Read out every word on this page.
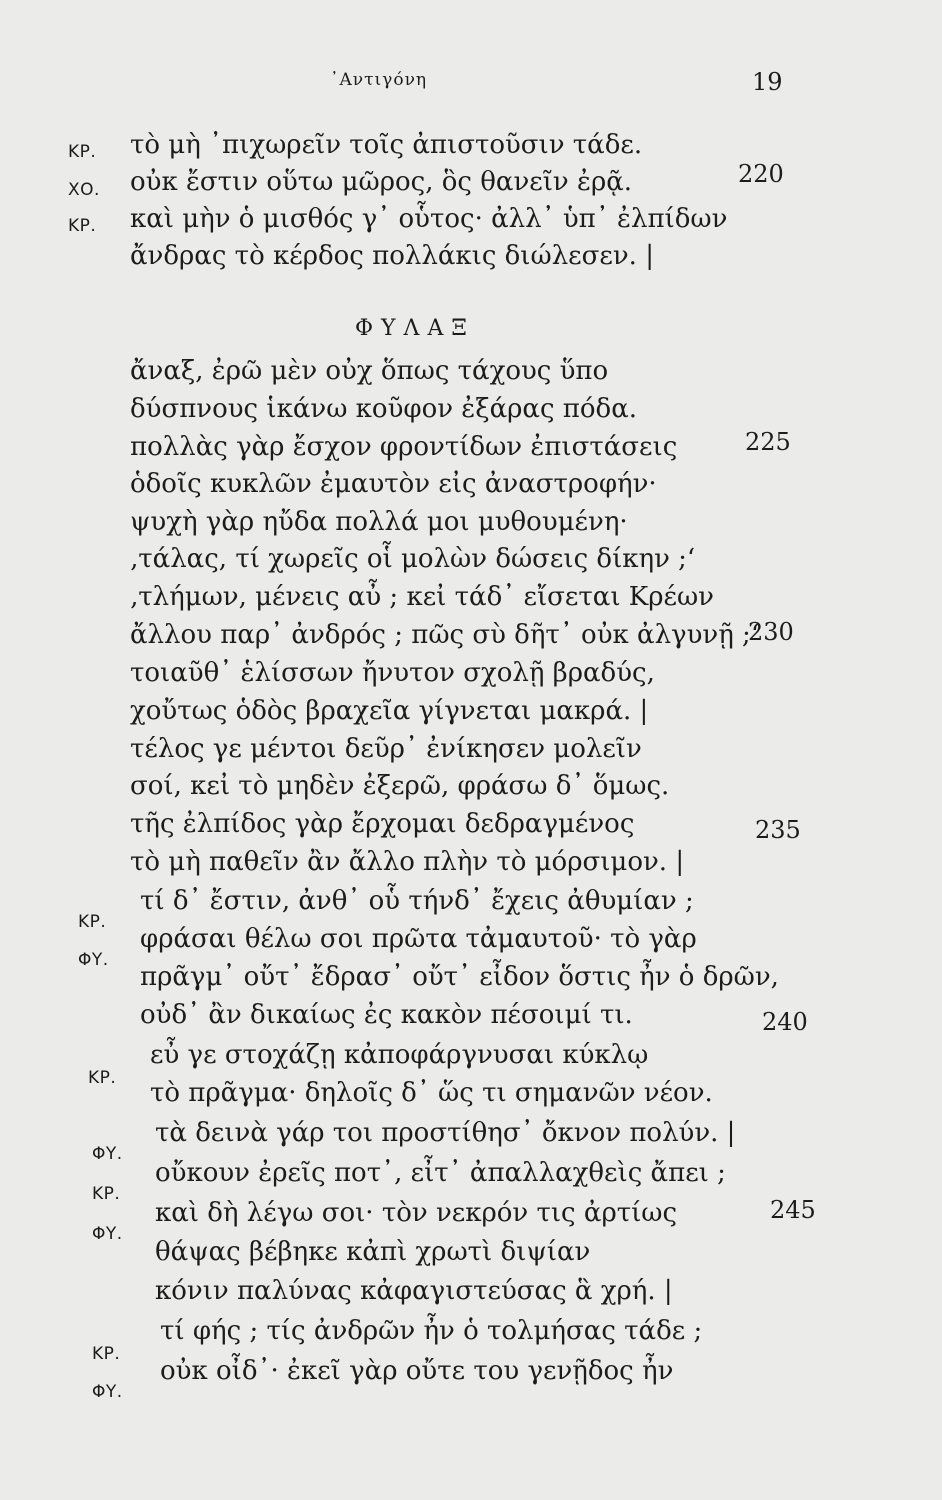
᾿Αντιγόνη	19
ΚΡ.
ΧΟ.
ΚΡ.
ΚΡ.
ΦΥ.
ΚΡ.
ΦΥ.
ΚΡ.
ΦΥ.
ΚΡ.
ΦΥ.
ΦΥΛΑΞ
τὸ μὴ ᾿πιχωρεῖν τοῖς ἀπιστοῦσιν τάδε.
οὐκ ἔστιν οὕτω μῶρος, ὃς θανεῖν ἐρᾷ.
καὶ μὴν ὁ μισθός γ᾿ οὗτος· ἀλλ᾿ ὑπ᾿ ἐλπίδων
ἄνδρας τὸ κέρδος πολλάκις διώλεσεν. |
ἄναξ, ἐρῶ μὲν οὐχ ὅπως τάχους ὕπο
δύσπνους ἱκάνω κοῦφον ἐξάρας πόδα.
πολλὰς γὰρ ἔσχον φροντίδων ἐπιστάσεις
ὁδοῖς κυκλῶν ἐμαυτὸν εἰς ἀναστροφήν·
ψυχὴ γὰρ ηὔδα πολλά μοι μυθουμένη·
‚τάλας, τί χωρεῖς οἷ μολὼν δώσεις δίκην ;‘
‚τλήμων, μένεις αὖ ; κεἰ τάδ᾿ εἴσεται Κρέων
ἄλλου παρ᾿ ἀνδρός ; πῶς σὺ δῆτ᾿ οὐκ ἀλγυνῇ ;‘
τοιαῦθ᾿ ἑλίσσων ἤνυτον σχολῇ βραδύς,
χοὔτως ὁδὸς βραχεῖα γίγνεται μακρά. |
τέλος γε μέντοι δεῦρ᾿ ἐνίκησεν μολεῖν
σοί, κεἰ τὸ μηδὲν ἐξερῶ, φράσω δ᾿ ὅμως.
τῆς ἐλπίδος γὰρ ἔρχομαι δεδραγμένος
τὸ μὴ παθεῖν ἂν ἄλλο πλὴν τὸ μόρσιμον. |
τί δ᾿ ἔστιν, ἀνθ᾿ οὗ τήνδ᾿ ἔχεις ἀθυμίαν ;
φράσαι θέλω σοι πρῶτα τἀμαυτοῦ· τὸ γὰρ
πρᾶγμ᾿ οὔτ᾿ ἔδρασ᾿ οὔτ᾿ εἶδον ὅστις ἦν ὁ δρῶν,
οὐδ᾿ ἂν δικαίως ἐς κακὸν πέσοιμί τι.
εὖ γε στοχάζῃ κἀποφάργνυσαι κύκλῳ
τὸ πρᾶγμα· δηλοῖς δ᾿ ὥς τι σημανῶν νέον.
τὰ δεινὰ γάρ τοι προστίθησ᾿ ὄκνον πολύν. |
οὔκουν ἐρεῖς ποτ᾿, εἶτ᾿ ἀπαλλαχθεὶς ἄπει ;
καὶ δὴ λέγω σοι· τὸν νεκρόν τις ἀρτίως
θάψας βέβηκε κἀπὶ χρωτὶ διψίαν
κόνιν παλύνας κἀφαγιστεύσας ἃ χρή. |
τί φής ; τίς ἀνδρῶν ἦν ὁ τολμήσας τάδε ;
οὐκ οἶδ᾿· ἐκεῖ γὰρ οὔτε του γενῇδος ἦν
220
225
230
235
240
245
